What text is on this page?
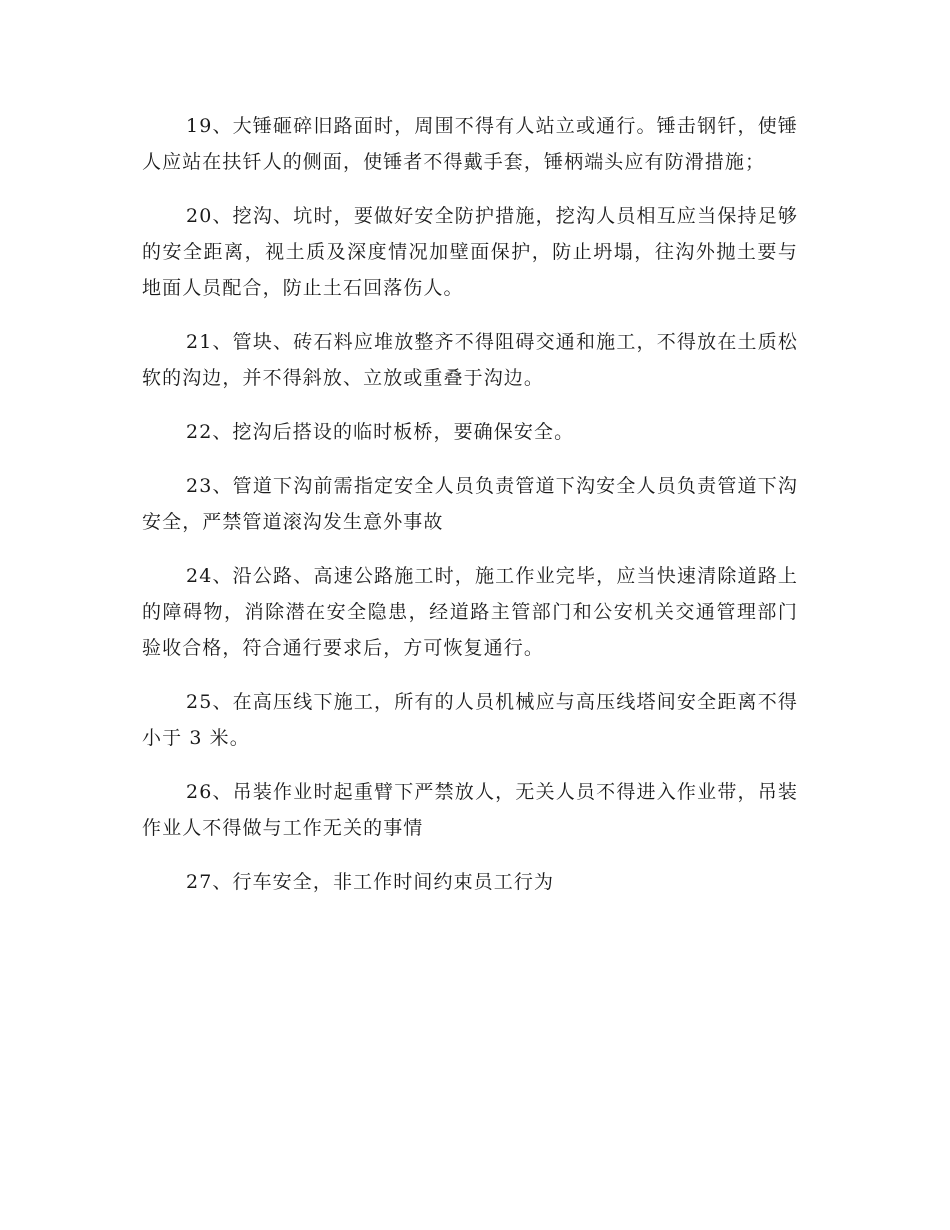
19、大锤砸碎旧路面时，周围不得有人站立或通行。锤击钢钎，使锤人应站在扶钎人的侧面，使锤者不得戴手套，锤柄端头应有防滑措施；

20、挖沟、坑时，要做好安全防护措施，挖沟人员相互应当保持足够的安全距离，视土质及深度情况加壁面保护，防止坍塌，往沟外抛土要与地面人员配合，防止土石回落伤人。

21、管块、砖石料应堆放整齐不得阻碍交通和施工，不得放在土质松软的沟边，并不得斜放、立放或重叠于沟边。

22、挖沟后搭设的临时板桥，要确保安全。

23、管道下沟前需指定安全人员负责管道下沟安全人员负责管道下沟安全，严禁管道滚沟发生意外事故

24、沿公路、高速公路施工时，施工作业完毕，应当快速清除道路上的障碍物，消除潜在安全隐患，经道路主管部门和公安机关交通管理部门验收合格，符合通行要求后，方可恢复通行。

25、在高压线下施工，所有的人员机械应与高压线塔间安全距离不得小于 3 米。

26、吊装作业时起重臂下严禁放人，无关人员不得进入作业带，吊装作业人不得做与工作无关的事情

27、行车安全，非工作时间约束员工行为
